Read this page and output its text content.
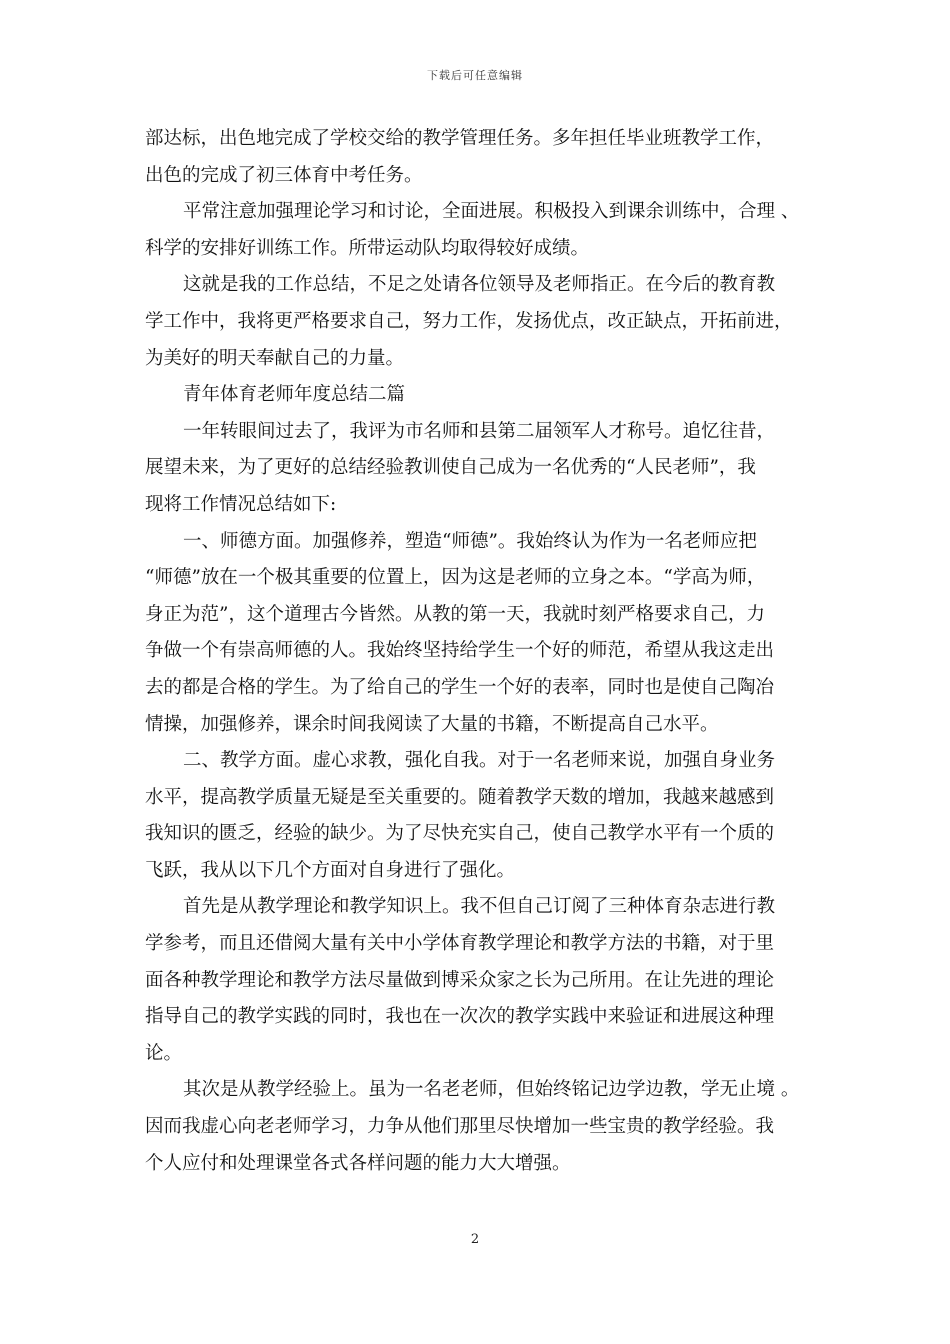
下载后可任意编辑

部达标，出色地完成了学校交给的教学管理任务。多年担任毕业班教学工作，
出色的完成了初三体育中考任务。

平常注意加强理论学习和讨论，全面进展。积极投入到课余训练中，合理 、
科学的安排好训练工作。所带运动队均取得较好成绩。

这就是我的工作总结，不足之处请各位领导及老师指正。在今后的教育教
学工作中，我将更严格要求自己，努力工作，发扬优点，改正缺点，开拓前进，
为美好的明天奉献自己的力量。

青年体育老师年度总结二篇

一年转眼间过去了，我评为市名师和县第二届领军人才称号。追忆往昔，
展望未来，为了更好的总结经验教训使自己成为一名优秀的“人民老师”，我
现将工作情况总结如下:

一、师德方面。加强修养，塑造“师德”。我始终认为作为一名老师应把
“师德”放在一个极其重要的位置上，因为这是老师的立身之本。“学高为师，
身正为范”，这个道理古今皆然。从教的第一天，我就时刻严格要求自己，力
争做一个有崇高师德的人。我始终坚持给学生一个好的师范，希望从我这走出
去的都是合格的学生。为了给自己的学生一个好的表率，同时也是使自己陶冶
情操，加强修养，课余时间我阅读了大量的书籍，不断提高自己水平。

二、教学方面。虚心求教，强化自我。对于一名老师来说，加强自身业务
水平，提高教学质量无疑是至关重要的。随着教学天数的增加，我越来越感到
我知识的匮乏，经验的缺少。为了尽快充实自己，使自己教学水平有一个质的
飞跃，我从以下几个方面对自身进行了强化。

首先是从教学理论和教学知识上。我不但自己订阅了三种体育杂志进行教
学参考，而且还借阅大量有关中小学体育教学理论和教学方法的书籍，对于里
面各种教学理论和教学方法尽量做到博采众家之长为己所用。在让先进的理论
指导自己的教学实践的同时，我也在一次次的教学实践中来验证和进展这种理
论。

其次是从教学经验上。虽为一名老老师，但始终铭记边学边教，学无止境 。
因而我虚心向老老师学习，力争从他们那里尽快增加一些宝贵的教学经验。我
个人应付和处理课堂各式各样问题的能力大大增强。

2
